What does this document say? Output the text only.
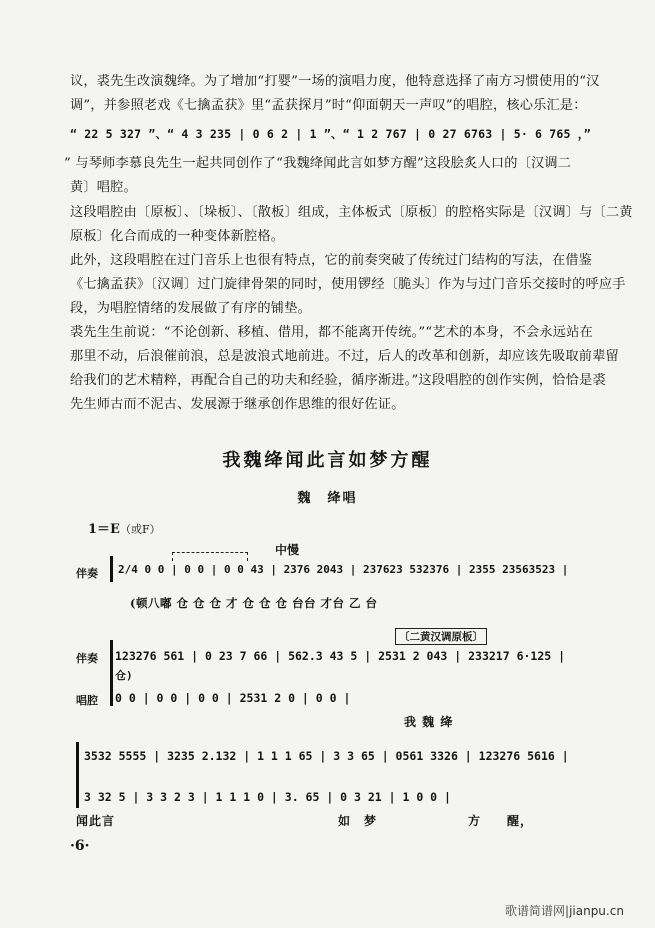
议，裘先生改演魏绛。为了增加“打婴”一场的演唱力度，他特意选择了南方习惯使用的“汉

调”，并参照老戏《七擒孟获》里“孟获探月”时“仰面朝天一声叹”的唱腔，核心乐汇是：

“ 22 5 327 ”、“ 4 3 235 | 0 6 2 | 1 ”、“ 1 2 767 | 0 27 6763 | 5· 6 765 ，”

” 与琴师李慕良先生一起共同创作了“我魏绛闻此言如梦方醒”这段脍炙人口的〔汉调二

黄〕唱腔。

这段唱腔由〔原板〕、〔垛板〕、〔散板〕组成，主体板式〔原板〕的腔格实际是〔汉调〕与〔二黄

原板〕化合而成的一种变体新腔格。

此外，这段唱腔在过门音乐上也很有特点，它的前奏突破了传统过门结构的写法，在借鉴

《七擒孟获》〔汉调〕过门旋律骨架的同时，使用锣经〔脆头〕作为与过门音乐交接时的呼应手

段，为唱腔情绪的发展做了有序的铺垫。

裘先生生前说：“不论创新、移植、借用，都不能离开传统。”“艺术的本身，不会永远站在

那里不动，后浪催前浪，总是波浪式地前进。不过，后人的改革和创新，却应该先吸取前辈留

给我们的艺术精粹，再配合自己的功夫和经验，循序渐进。”这段唱腔的创作实例，恰恰是裘

先生师古而不泥古、发展源于继承创作思维的很好佐证。

我魏绛闻此言如梦方醒
魏　绛唱
1＝E（或F）
中慢
伴奏 2/4 0 0 | 0 0 | 0 0 43 | 2376 2043 | 237623 532376 | 2355 23563523 |
(顿八嘟 仓 仓 仓 才 仓 仓 仓 台台 才台 乙 台
〔二黄汉调原板〕
伴奏
唱腔
123276 561 | 0 23 7 66 | 562.3 43 5 | 2531 2 043 | 233217 6·125 |
仓)
0 0 | 0 0 | 0 0 | 2531 2 0 | 0 0 |
我 魏 绛
3532 5555 | 3235 2.132 | 1 1 1 65 | 3 3 65 | 0561 3326 | 123276 5616 |
3 32 5 | 3 3 2 3 | 1 1 1 0 | 3. 65 | 0 3 21 | 1 0 0 |
闻此言	如　梦	方　　醒，
·6·
歌谱简谱网|jianpu.cn
